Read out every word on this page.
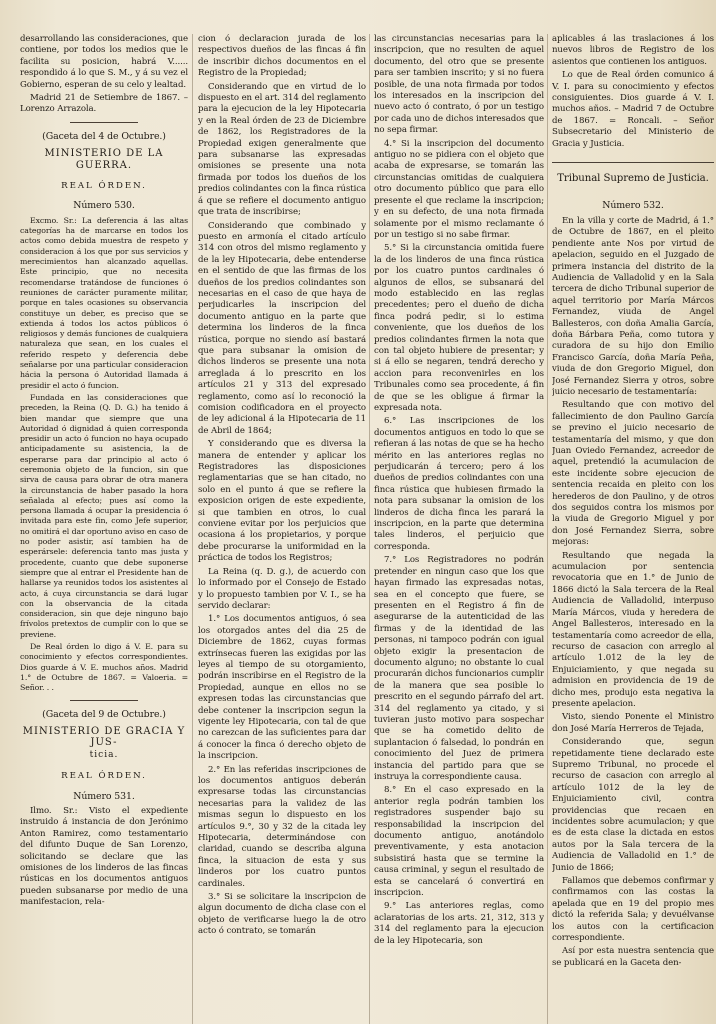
desarrollando las consideraciones, que contiene, por todos los medios que le facilita su posicion, habrá V...... respondido á lo que S. M., y á su vez el Gobierno, esperan de su celo y lealtad.

Madrid 21 de Setiembre de 1867. – Lorenzo Arrazola.

(Gaceta del 4 de Octubre.)

MINISTERIO DE LA GUERRA.

REAL ÓRDEN.

Número 530.

Excmo. Sr.: La deferencia á las altas categorías ha de marcarse en todos los actos como debida muestra de respeto y consideracion á los que por sus servicios y merecimientos han alcanzado aquellas. Este principio, que no necesita recomendarse tratándose de funciones ó reuniones de carácter puramente militar, porque en tales ocasiones su observancia constituye un deber, es preciso que se extienda á todos los actos públicos ó religiosos y demás funciones de cualquiera naturaleza que sean, en los cuales el referido respeto y deferencia debe señalarse por una particular consideracion hácia la persona ó Autoridad llamada á presidir el acto ó funcion.

Fundada en las consideraciones que preceden, la Reina (Q. D. G.) ha tenido á bien mandar que siempre que una Autoridad ó dignidad á quien corresponda presidir un acto ó funcion no haya ocupado anticipadamente su asistencia, la de esperarse para dar principio al acto ó ceremonia objeto de la funcion, sin que sirva de causa para obrar de otra manera la circunstancia de haber pasado la hora señalada al efecto; pues así como la persona llamada á ocupar la presidencia ó invitada para este fin, como Jefe superior, no omitirá el dar oportuno aviso en caso de no poder asistir, así tambien ha de esperársele: deferencia tanto mas justa y procedente, cuanto que debe suponerse siempre que al entrar el Presidente han de hallarse ya reunidos todos los asistentes al acto, á cuya circunstancia se dará lugar con la observancia de la citada consideracion, sin que deje ninguno bajo frívolos pretextos de cumplir con lo que se previene.

De Real órden lo digo á V. E. para su conocimiento y efectos correspondientes. Dios guarde á V. E. muchos años. Madrid 1.° de Octubre de 1867. = Valoeria. = Señor. . .

(Gaceta del 9 de Octubre.)

MINISTERIO DE GRACIA Y JUS-

ticia.

REAL ÓRDEN.

Número 531.

Ilmo. Sr.: Visto el expediente instruido á instancia de don Jerónimo Anton Ramirez, como testamentario del difunto Duque de San Lorenzo, solicitando se declare que las omisiones de los linderos de las fincas rústicas en los documentos antiguos pueden subsanarse por medio de una manifestacion, rela-

cion ó declaracion jurada de los respectivos dueños de las fincas á fin de inscribir dichos documentos en el Registro de la Propiedad;

Considerando que en virtud de lo dispuesto en el art. 314 del reglamento para la ejecucion de la ley Hipotecaria y en la Real órden de 23 de Diciembre de 1862, los Registradores de la Propiedad exigen generalmente que para subsanarse las expresadas omisiones se presente una nota firmada por todos los dueños de los predios colindantes con la finca rústica á que se refiere el documento antiguo que trata de inscribirse;

Considerando que combinado y puesto en armonía el citado artículo 314 con otros del mismo reglamento y de la ley Hipotecaria, debe entenderse en el sentido de que las firmas de los dueños de los predios colindantes son necesarias en el caso de que haya de perjudicarles la inscripcion del documento antiguo en la parte que determina los linderos de la finca rústica, porque no siendo así bastará que para subsanar la omision de dichos linderos se presente una nota arreglada á lo prescrito en los artículos 21 y 313 del expresado reglamento, como así lo reconoció la comision codificadora en el proyecto de ley adicional á la Hipotecaria de 11 de Abril de 1864;

Y considerando que es diversa la manera de entender y aplicar los Registradores las disposiciones reglamentarias que se han citado, no solo en el punto á que se refiere la exposicion origen de este expediente, si que tambien en otros, lo cual conviene evitar por los perjuicios que ocasiona á los propietarios, y porque debe procurarse la uniformidad en la práctica de todos los Registros;

La Reina (q. D. g.), de acuerdo con lo informado por el Consejo de Estado y lo propuesto tambien por V. I., se ha servido declarar:

1.° Los documentos antiguos, ó sea los otorgados antes del dia 25 de Diciembre de 1862, cuyas formas extrínsecas fueren las exigidas por las leyes al tiempo de su otorgamiento, podrán inscribirse en el Registro de la Propiedad, aunque en ellos no se expresen todas las circunstancias que debe contener la inscripcion segun la vigente ley Hipotecaria, con tal de que no carezcan de las suficientes para dar á conocer la finca ó derecho objeto de la inscripcion.

2.° En las referidas inscripciones de los documentos antiguos deberán expresarse todas las circunstancias necesarias para la validez de las mismas segun lo dispuesto en los artículos 9.°, 30 y 32 de la citada ley Hipotecaria, determinándose con claridad, cuando se describa alguna finca, la situacion de esta y sus linderos por los cuatro puntos cardinales.

3.° Si se solicitare la inscripcion de algun documento de dicha clase con el objeto de verificarse luego la de otro acto ó contrato, se tomarán

las circunstancias necesarias para la inscripcion, que no resulten de aquel documento, del otro que se presente para ser tambien inscrito; y si no fuera posible, de una nota firmada por todos los interesados en la inscripcion del nuevo acto ó contrato, ó por un testigo por cada uno de dichos interesados que no sepa firmar.

4.° Si la inscripcion del documento antiguo no se pidiera con el objeto que acaba de expresarse, se tomarán las circunstancias omitidas de cualquiera otro documento público que para ello presente el que reclame la inscripcion; y en su defecto, de una nota firmada solamente por el mismo reclamante ó por un testigo si no sabe firmar.

5.° Si la circunstancia omitida fuere la de los linderos de una finca rústica por los cuatro puntos cardinales ó algunos de ellos, se subsanará del modo establecido en las reglas precedentes; pero el dueño de dicha finca podrá pedir, si lo estima conveniente, que los dueños de los predios colindantes firmen la nota que con tal objeto hubiere de presentar; y si á ello se negaren, tendrá derecho y accion para reconvenirles en los Tribunales como sea procedente, á fin de que se les obligue á firmar la expresada nota.

6.° Las inscripciones de los documentos antiguos en todo lo que se refieran á las notas de que se ha hecho mérito en las anteriores reglas no perjudicarán á tercero; pero á los dueños de predios colindantes con una finca rústica que hubiesen firmado la nota para subsanar la omision de los linderos de dicha finca les parará la inscripcion, en la parte que determina tales linderos, el perjuicio que corresponda.

7.° Los Registradores no podrán pretender en ningun caso que los que hayan firmado las expresadas notas, sea en el concepto que fuere, se presenten en el Registro á fin de asegurarse de la autenticidad de las firmas y de la identidad de las personas, ni tampoco podrán con igual objeto exigir la presentacion de documento alguno; no obstante lo cual procurarán dichos funcionarios cumplir de la manera que sea posible lo prescrito en el segundo párrafo del art. 314 del reglamento ya citado, y si tuvieran justo motivo para sospechar que se ha cometido delito de suplantacion ó falsedad, lo pondrán en conocimiento del Juez de primera instancia del partido para que se instruya la correspondiente causa.

8.° En el caso expresado en la anterior regla podrán tambien los registradores suspender bajo su responsabilidad la inscripcion del documento antiguo, anotándolo preventivamente, y esta anotacion subsistirá hasta que se termine la causa criminal, y segun el resultado de esta se cancelará ó convertirá en inscripcion.

9.° Las anteriores reglas, como aclaratorias de los arts. 21, 312, 313 y 314 del reglamento para la ejecucion de la ley Hipotecaria, son

aplicables á las traslaciones á los nuevos libros de Registro de los asientos que contienen los antiguos.

Lo que de Real órden comunico á V. I. para su conocimiento y efectos consiguientes. Dios guarde á V. I. muchos años. – Madrid 7 de Octubre de 1867. = Roncali. – Señor Subsecretario del Ministerio de Gracia y Justicia.

Tribunal Supremo de Justicia.

Número 532.

En la villa y corte de Madrid, á 1.° de Octubre de 1867, en el pleito pendiente ante Nos por virtud de apelacion, seguido en el Juzgado de primera instancia del distrito de la Audiencia de Valladolid y en la Sala tercera de dicho Tribunal superior de aquel territorio por María Márcos Fernandez, viuda de Angel Ballesteros, con doña Amalia García, doña Bárbara Peña, como tutora y curadora de su hijo don Emilio Francisco García, doña María Peña, viuda de don Gregorio Miguel, don José Fernandez Sierra y otros, sobre juicio necesario de testamentaría:

Resultando que con motivo del fallecimiento de don Paulino García se previno el juicio necesario de testamentaría del mismo, y que don Juan Oviedo Fernandez, acreedor de aquel, pretendió la acumulacion de este incidente sobre ejecucion de sentencia recaida en pleito con los herederos de don Paulino, y de otros dos seguidos contra los mismos por la viuda de Gregorio Miguel y por don José Fernandez Sierra, sobre mejoras:

Resultando que negada la acumulacion por sentencia revocatoria que en 1.° de Junio de 1866 dictó la Sala tercera de la Real Audiencia de Valladolid, interpuso María Márcos, viuda y heredera de Angel Ballesteros, interesado en la testamentaría como acreedor de ella, recurso de casacion con arreglo al artículo 1.012 de la ley de Enjuiciamiento, y que negada su admision en providencia de 19 de dicho mes, produjo esta negativa la presente apelacion.

Visto, siendo Ponente el Ministro don José María Herreros de Tejada,

Considerando que, segun repetidamente tiene declarado este Supremo Tribunal, no procede el recurso de casacion con arreglo al artículo 1012 de la ley de Enjuiciamiento civil, contra providencias que recaen en incidentes sobre acumulacion; y que es de esta clase la dictada en estos autos por la Sala tercera de la Audiencia de Valladolid en 1.° de Junio de 1866;

Fallamos que debemos confirmar y confirmamos con las costas la apelada que en 19 del propio mes dictó la referida Sala; y devuélvanse los autos con la certificacion correspondiente.

Así por esta nuestra sentencia que se publicará en la Gaceta den-
